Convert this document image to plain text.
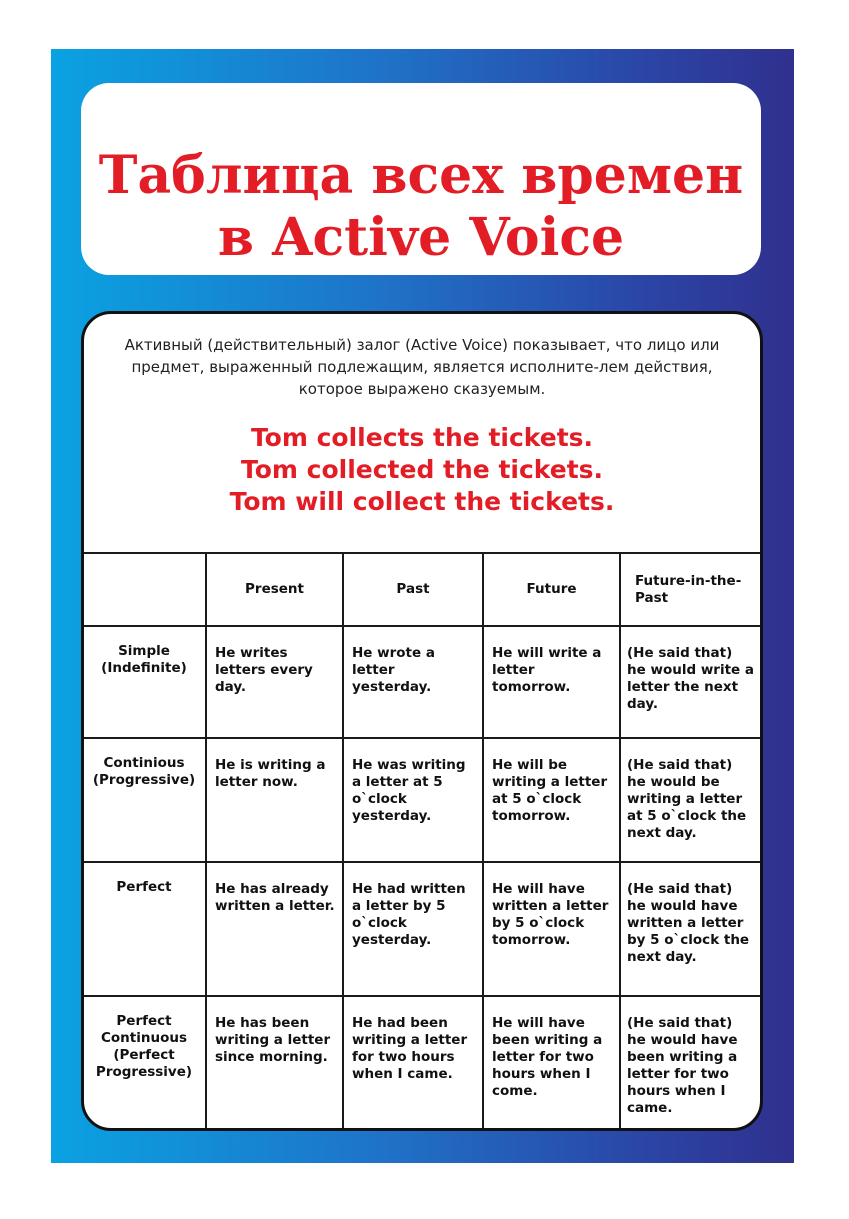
Таблица всех времен
в Active Voice
Активный (действительный) залог (Active Voice) показывает, что лицо или предмет, выраженный подлежащим, является исполните-лем действия, которое выражено сказуемым.
Tom collects the tickets.
Tom collected the tickets.
Tom will collect the tickets.
	Present	Past	Future	Future-in-the-Past
Simple (Indefinite)	He writes letters every day.	He wrote a letter yesterday.	He will write a letter tomorrow.	(He said that) he would write a letter the next day.
Continious (Progressive)	He is writing a letter now.	He was writing a letter at 5 o`clock yesterday.	He will be writing a letter at 5 o`clock tomorrow.	(He said that) he would be writing a letter at 5 o`clock the next day.
Perfect	He has already written a letter.	He had written a letter by 5 o`clock yesterday.	He will have written a letter by 5 o`clock tomorrow.	(He said that) he would have written a letter by 5 o`clock the next day.
Perfect Continuous (Perfect Progressive)	He has been writing a letter since morning.	He had been writing a letter for two hours when I came.	He will have been writing a letter for two hours when I come.	(He said that) he would have been writing a letter for two hours when I came.
